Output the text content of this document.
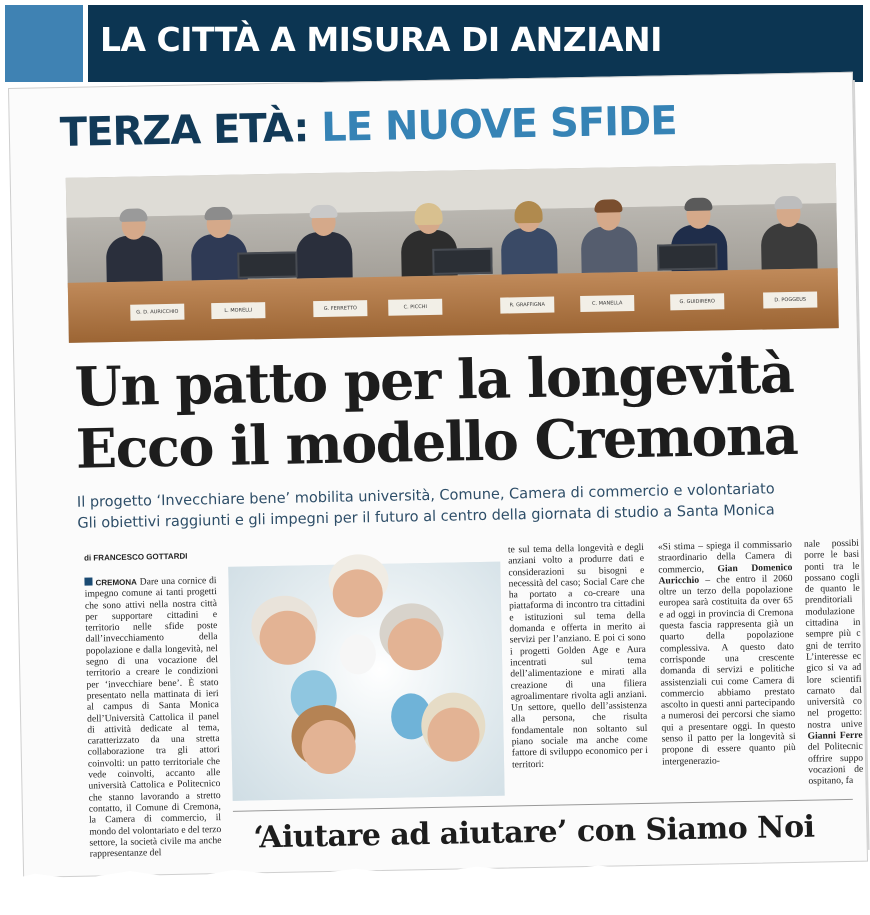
LA CITTÀ A MISURA DI ANZIANI
TERZA ETÀ: LE NUOVE SFIDE
G. D. AURICCHIO	L. MORELLI	G. FERRETTO	C. PICCHI	R. GRAFFIGNA	C. MANELLA	G. GUIDIRERO	D. POGGEUS
Un patto per la longevità
Ecco il modello Cremona
Il progetto ‘Invecchiare bene’ mobilita università, Comune, Camera di commercio e volontariato
Gli obiettivi raggiunti e gli impegni per il futuro al centro della giornata di studio a Santa Monica
di FRANCESCO GOTTARDI
CREMONA Dare una cornice di impegno comune ai tanti progetti che sono attivi nella nostra città per supportare cittadini e territorio nelle sfide poste dall’invecchiamento della popolazione e dalla longevità, nel segno di una vocazione del territorio a creare le condizioni per ‘invecchiare bene’. È stato presentato nella mattinata di ieri al campus di Santa Monica dell’Università Cattolica il panel di attività dedicate al tema, caratterizzato da una stretta collaborazione tra gli attori coinvolti: un patto territoriale che vede coinvolti, accanto alle università Cattolica e Politecnico che stanno lavorando a stretto contatto, il Comune di Cremona, la Camera di commercio, il mondo del volontariato e del terzo settore, la società civile ma anche rappresentanze del
te sul tema della longevità e degli anziani volto a produrre dati e considerazioni su bisogni e necessità del caso; Social Care che ha portato a co-creare una piattaforma di incontro tra cittadini e istituzioni sul tema della domanda e offerta in merito ai servizi per l’anziano. E poi ci sono i progetti Golden Age e Aura incentrati sul tema dell’alimentazione e mirati alla creazione di una filiera agroalimentare rivolta agli anziani. Un settore, quello dell’assistenza alla persona, che risulta fondamentale non soltanto sul piano sociale ma anche come fattore di sviluppo economico per i territori:
«Si stima – spiega il commissario straordinario della Camera di commercio, Gian Domenico Auricchio – che entro il 2060 oltre un terzo della popolazione europea sarà costituita da over 65 e ad oggi in provincia di Cremona questa fascia rappresenta già un quarto della popolazione complessiva. A questo dato corrisponde una crescente domanda di servizi e politiche assistenziali cui come Camera di commercio abbiamo prestato ascolto in questi anni partecipando a numerosi dei percorsi che siamo qui a presentare oggi. In questo senso il patto per la longevità si propone di essere quanto più intergenerazio-
nale possibi porre le basi ponti tra le possano cogli de quanto le prenditoriali modulazione cittadina in sempre più c gni de territo L’interesse ec gico si va ad lore scientifi carnato dal università co nel progetto: nostra unive Gianni Ferre del Politecnic offrire suppo vocazioni de ospitano, fa
‘Aiutare ad aiutare’ con Siamo Noi
